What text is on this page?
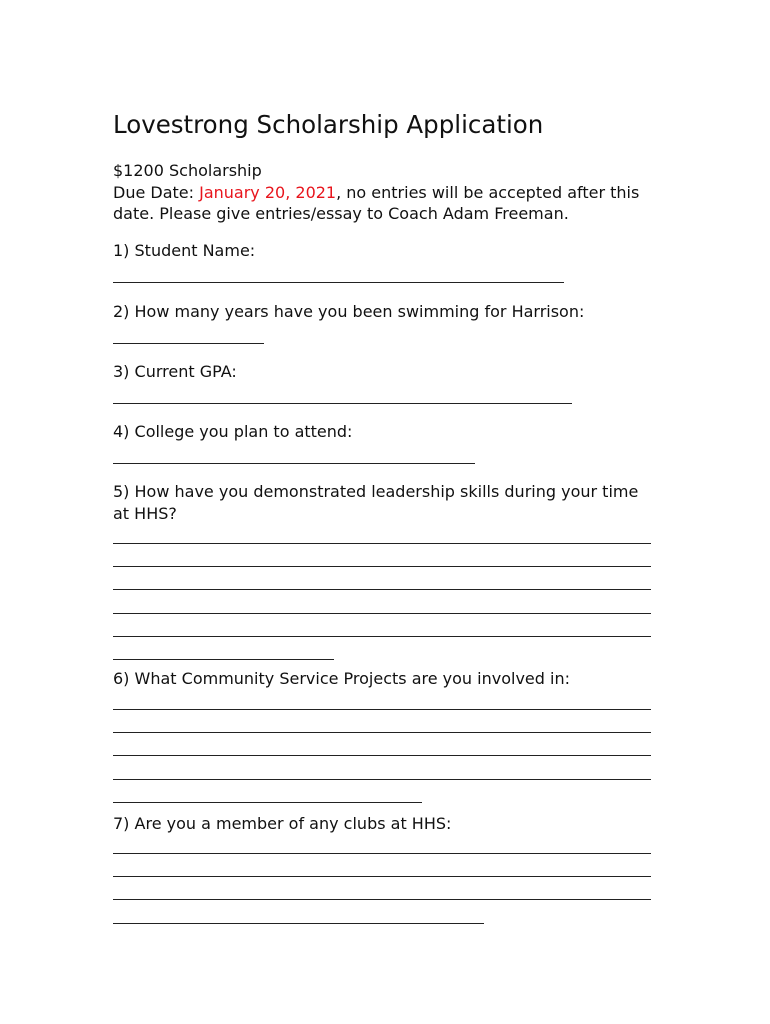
Lovestrong Scholarship Application
$1200 Scholarship
Due Date: January 20, 2021, no entries will be accepted after this date. Please give entries/essay to Coach Adam Freeman.
1) Student Name:
2) How many years have you been swimming for Harrison:
3) Current GPA:
4) College you plan to attend:
5) How have you demonstrated leadership skills during your time at HHS?
6) What Community Service Projects are you involved in:
7) Are you a member of any clubs at HHS:
